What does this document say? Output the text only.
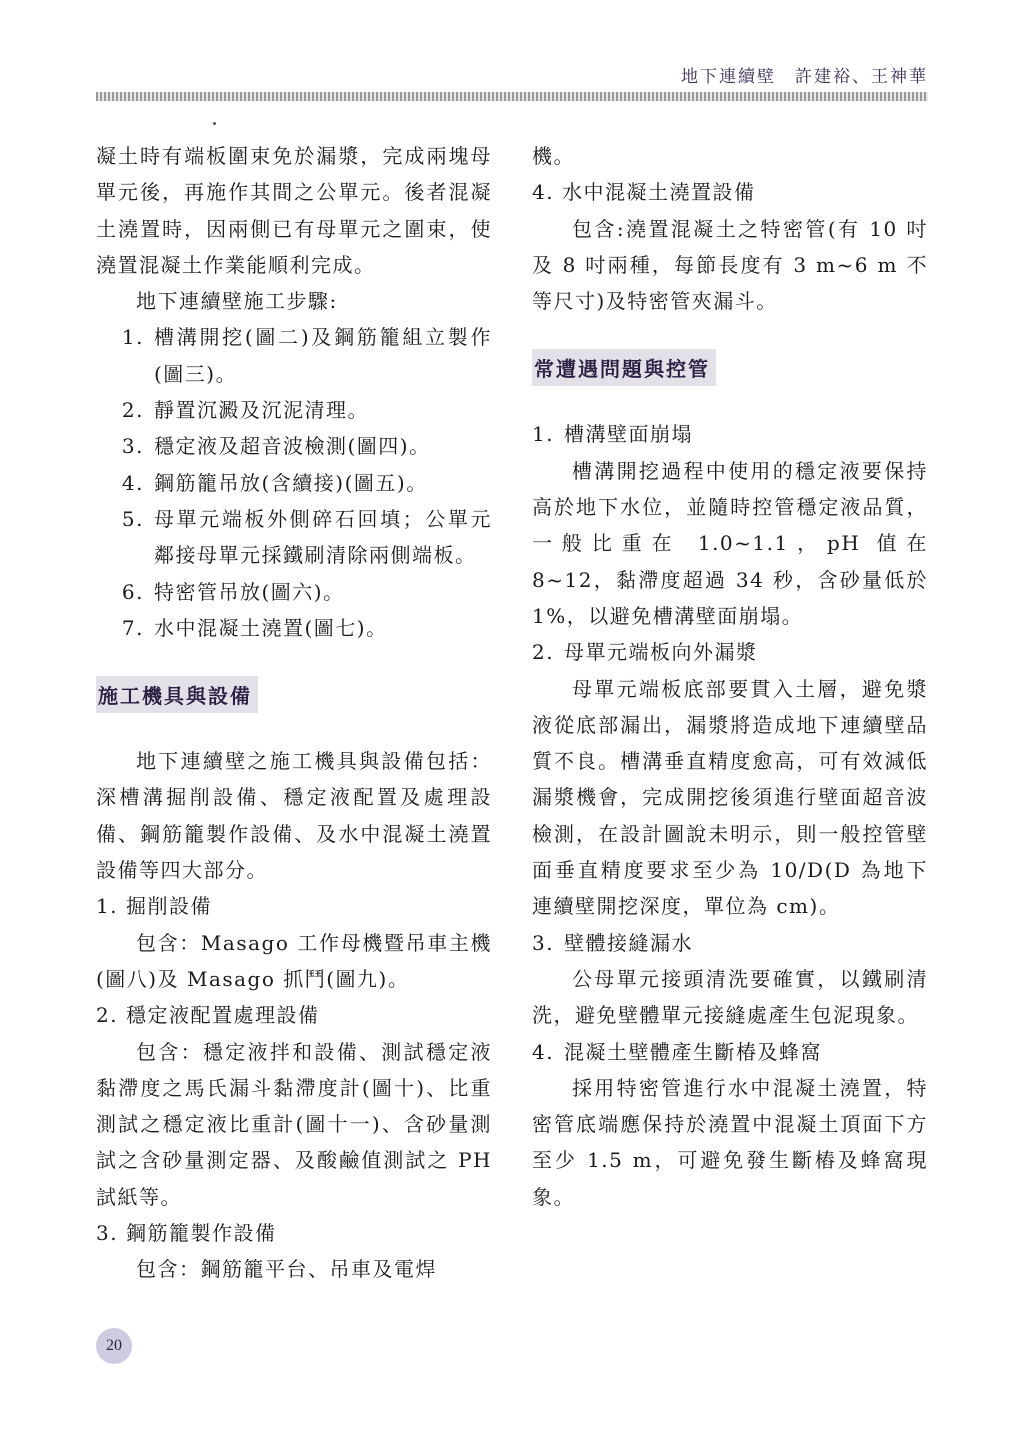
地下連續壁　許建裕、王神華

凝土時有端板圍束免於漏漿，完成兩塊母單元後，再施作其間之公單元。後者混凝土澆置時，因兩側已有母單元之圍束，使澆置混凝土作業能順利完成。

地下連續壁施工步驟:

1. 槽溝開挖(圖二)及鋼筋籠組立製作(圖三)。
2. 靜置沉澱及沉泥清理。
3. 穩定液及超音波檢測(圖四)。
4. 鋼筋籠吊放(含續接)(圖五)。
5. 母單元端板外側碎石回填；公單元鄰接母單元採鐵刷清除兩側端板。
6. 特密管吊放(圖六)。
7. 水中混凝土澆置(圖七)。
施工機具與設備

地下連續壁之施工機具與設備包括：深槽溝掘削設備、穩定液配置及處理設備、鋼筋籠製作設備、及水中混凝土澆置設備等四大部分。

1. 掘削設備

包含：Masago 工作母機暨吊車主機(圖八)及 Masago 抓鬥(圖九)。

2. 穩定液配置處理設備

包含：穩定液拌和設備、測試穩定液黏滯度之馬氏漏斗黏滯度計(圖十)、比重測試之穩定液比重計(圖十一)、含砂量測試之含砂量測定器、及酸鹼值測試之 PH 試紙等。

3. 鋼筋籠製作設備

包含：鋼筋籠平台、吊車及電焊

機。

4. 水中混凝土澆置設備

包含:澆置混凝土之特密管(有 10 吋及 8 吋兩種，每節長度有 3 m~6 m 不等尺寸)及特密管夾漏斗。

常遭遇問題與控管
1. 槽溝壁面崩塌

槽溝開挖過程中使用的穩定液要保持高於地下水位，並隨時控管穩定液品質，一般比重在 1.0~1.1，pH 值在 8~12，黏滯度超過 34 秒，含砂量低於 1%，以避免槽溝壁面崩塌。

2. 母單元端板向外漏漿

母單元端板底部要貫入土層，避免漿液從底部漏出，漏漿將造成地下連續壁品質不良。槽溝垂直精度愈高，可有效減低漏漿機會，完成開挖後須進行壁面超音波檢測，在設計圖說未明示，則一般控管壁面垂直精度要求至少為 10/D(D 為地下連續壁開挖深度，單位為 cm)。

3. 壁體接縫漏水

公母單元接頭清洗要確實，以鐵刷清洗，避免壁體單元接縫處產生包泥現象。

4. 混凝土壁體產生斷椿及蜂窩

採用特密管進行水中混凝土澆置，特密管底端應保持於澆置中混凝土頂面下方至少 1.5 m，可避免發生斷樁及蜂窩現象。

20
